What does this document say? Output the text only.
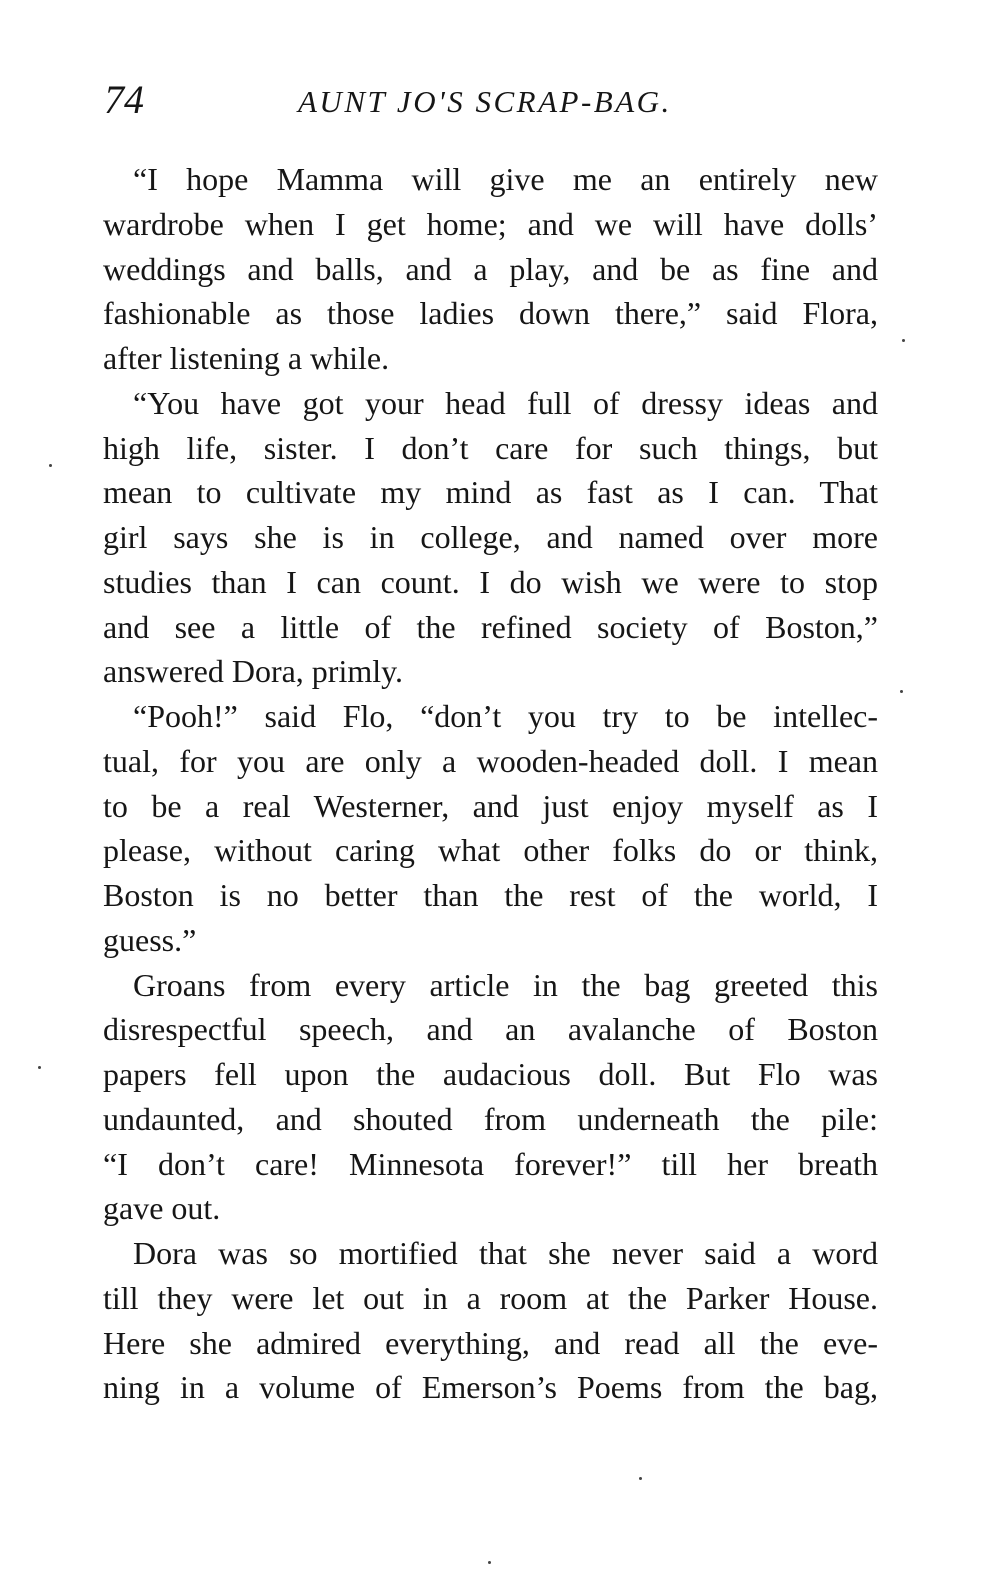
74	AUNT JO'S SCRAP-BAG.
“I hope Mamma will give me an entirely new
wardrobe when I get home; and we will have dolls’
weddings and balls, and a play, and be as fine and
fashionable as those ladies down there,” said Flora,
after listening a while.
“You have got your head full of dressy ideas and
high life, sister. I don’t care for such things, but
mean to cultivate my mind as fast as I can. That
girl says she is in college, and named over more
studies than I can count. I do wish we were to stop
and see a little of the refined society of Boston,”
answered Dora, primly.
“Pooh!” said Flo, “don’t you try to be intellec-
tual, for you are only a wooden-headed doll. I mean
to be a real Westerner, and just enjoy myself as I
please, without caring what other folks do or think,
Boston is no better than the rest of the world, I
guess.”
Groans from every article in the bag greeted this
disrespectful speech, and an avalanche of Boston
papers fell upon the audacious doll. But Flo was
undaunted, and shouted from underneath the pile:
“I don’t care! Minnesota forever!” till her breath
gave out.
Dora was so mortified that she never said a word
till they were let out in a room at the Parker House.
Here she admired everything, and read all the eve-
ning in a volume of Emerson’s Poems from the bag,
